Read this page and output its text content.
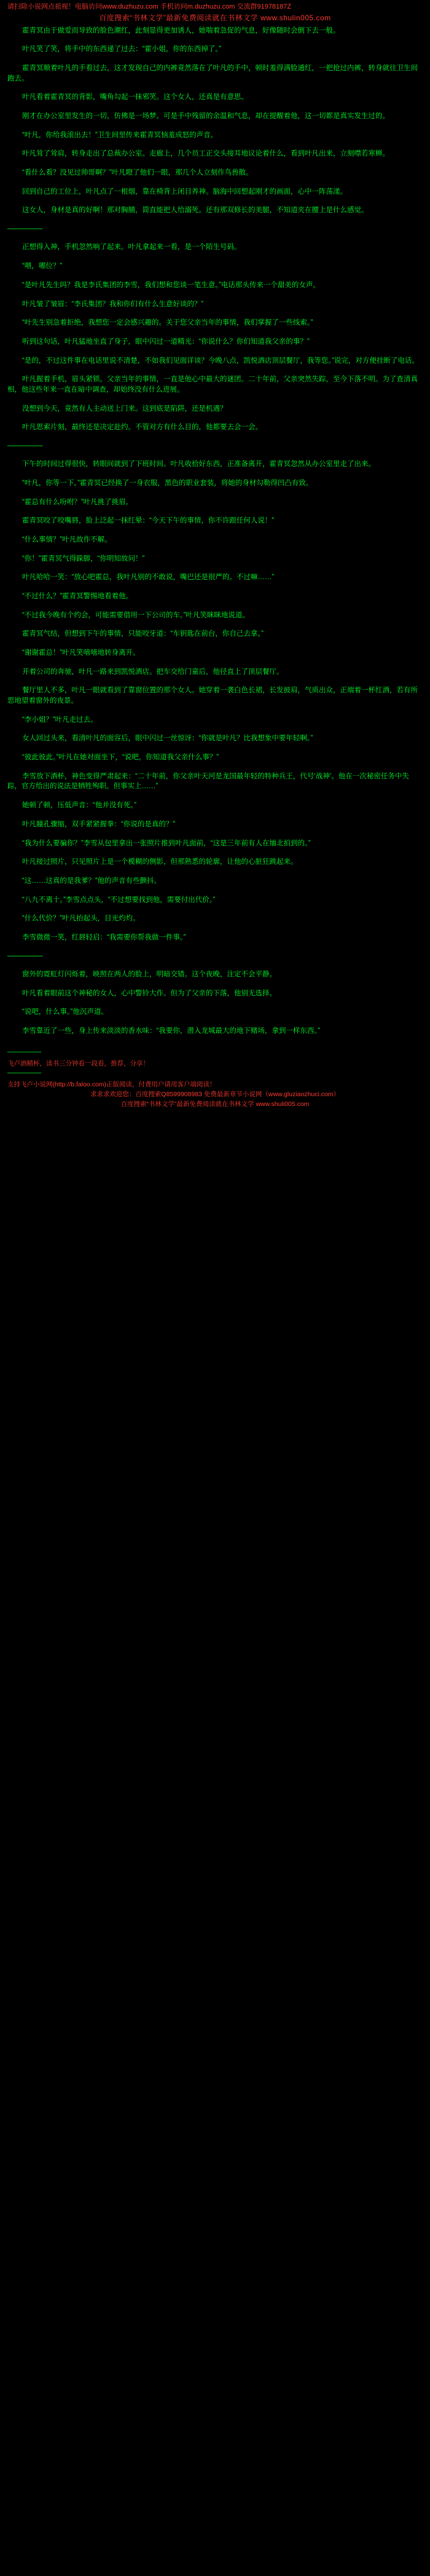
请扫除小说网点祖视！电脑访问www.duzhuzu.com 手机访问m.duzhuzu.com 交流群91978187Z
百度搜索“书林文学”最新免费阅读就在书林文学 www.shulin005.com

霍青冥由于做爱而导致的脸色潮红，此刻显得更加诱人，她喘着急促的气息，好像随时会倒下去一般。

叶凡笑了笑，将手中的东西递了过去：“霍小姐，你的东西掉了。”

霍青冥顺着叶凡的手看过去，这才发现自己的内裤竟然落在了叶凡的手中，顿时羞得满脸通红，一把抢过内裤，转身就往卫生间跑去。

叶凡看着霍青冥的背影，嘴角勾起一抹邪笑。这个女人，还真是有意思。

刚才在办公室里发生的一切，仿佛是一场梦。可是手中残留的余温和气息，却在提醒着他，这一切都是真实发生过的。

“叶凡，你给我滚出去！”卫生间里传来霍青冥恼羞成怒的声音。

叶凡耸了耸肩，转身走出了总裁办公室。走廊上，几个员工正交头接耳地议论着什么，看到叶凡出来，立刻噤若寒蝉。

“看什么看？没见过帅哥啊？”叶凡瞪了他们一眼，那几个人立刻作鸟兽散。

回到自己的工位上，叶凡点了一根烟，靠在椅背上闭目养神。脑海中回想起刚才的画面，心中一阵荡漾。

这女人，身材是真的好啊！那对胸脯，简直能把人给溺死。还有那双修长的美腿，不知道夹在腰上是什么感觉。

—————

正想得入神，手机忽然响了起来。叶凡拿起来一看，是一个陌生号码。

“喂，哪位？”

“是叶凡先生吗？我是李氏集团的李雪，我们想和您谈一笔生意。”电话那头传来一个甜美的女声。

叶凡皱了皱眉：“李氏集团？我和你们有什么生意好谈的？”

“叶先生别急着拒绝，我想您一定会感兴趣的。关于您父亲当年的事情，我们掌握了一些线索。”

听到这句话，叶凡猛地坐直了身子，眼中闪过一道精光：“你说什么？你们知道我父亲的事？”

“是的，不过这件事在电话里说不清楚，不如我们见面详谈？今晚八点，凯悦酒店顶层餐厅，我等您。”说完，对方便挂断了电话。

叶凡握着手机，眉头紧锁。父亲当年的事情，一直是他心中最大的谜团。二十年前，父亲突然失踪，至今下落不明。为了查清真相，他这些年来一直在暗中调查，却始终没有什么进展。

没想到今天，竟然有人主动送上门来。这到底是陷阱，还是机遇？

叶凡思索片刻，最终还是决定赴约。不管对方有什么目的，他都要去会一会。

—————

下午的时间过得很快，转眼间就到了下班时间。叶凡收拾好东西，正准备离开，霍青冥忽然从办公室里走了出来。

“叶凡，你等一下。”霍青冥已经换了一身衣服，黑色的职业套装，将她的身材勾勒得凹凸有致。

“霍总有什么吩咐？”叶凡挑了挑眉。

霍青冥咬了咬嘴唇，脸上泛起一抹红晕：“今天下午的事情，你不许跟任何人说！”

“什么事情？”叶凡故作不解。

“你！”霍青冥气得跺脚，“你明知故问！”

叶凡哈哈一笑：“放心吧霍总，我叶凡别的不敢说，嘴巴还是很严的。不过嘛……”

“不过什么？”霍青冥警惕地看着他。

“不过我今晚有个约会，可能需要借用一下公司的车。”叶凡笑眯眯地说道。

霍青冥气结，但想到下午的事情，只能咬牙道：“车钥匙在前台，你自己去拿。”

“谢谢霍总！”叶凡笑嘻嘻地转身离开。

开着公司的奔驰，叶凡一路来到凯悦酒店。把车交给门童后，他径直上了顶层餐厅。

餐厅里人不多，叶凡一眼就看到了靠窗位置的那个女人。她穿着一袭白色长裙，长发披肩，气质出众，正端着一杯红酒，若有所思地望着窗外的夜景。

“李小姐？”叶凡走过去。

女人回过头来，看清叶凡的面容后，眼中闪过一丝惊讶：“你就是叶凡？比我想象中要年轻啊。”

“彼此彼此。”叶凡在她对面坐下，“说吧，你知道我父亲什么事？”

李雪放下酒杯，神色变得严肃起来：“二十年前，你父亲叶天河是龙国最年轻的特种兵王，代号‘战神’。他在一次秘密任务中失踪，官方给出的说法是牺牲殉职。但事实上……”

她顿了顿，压低声音：“他并没有死。”

叶凡瞳孔骤缩，双手紧紧握拳：“你说的是真的？”

“我为什么要骗你？”李雪从包里拿出一张照片推到叶凡面前，“这是三年前有人在缅北拍到的。”

叶凡接过照片，只见照片上是一个模糊的侧影，但那熟悉的轮廓，让他的心脏狂跳起来。

“这……这真的是我爹？”他的声音有些颤抖。

“八九不离十。”李雪点点头，“不过想要找到他，需要付出代价。”

“什么代价？”叶凡抬起头，目光灼灼。

李雪微微一笑，红唇轻启：“我需要你帮我做一件事。”

—————

窗外的霓虹灯闪烁着，映照在两人的脸上，明暗交错。这个夜晚，注定不会平静。

叶凡看着眼前这个神秘的女人，心中警铃大作。但为了父亲的下落，他别无选择。

“说吧，什么事。”他沉声道。

李雪靠近了一些，身上传来淡淡的香水味：“我要你，潜入龙城最大的地下赌场，拿到一样东西。”

—————
飞卢酒精杯，读书三分钟看一段看，推荐，分享！
—————
支持飞卢小说网(http://b.faloo.com)正版阅读，付费用户请用客户端阅读！
求求求欢迎您：百度搜索Q8599908983 免费最新章节小说网（www.gluziaozhuci.com）
百度搜索“书林文学”最新免费阅读就在书林文学 www.shuli005.com
